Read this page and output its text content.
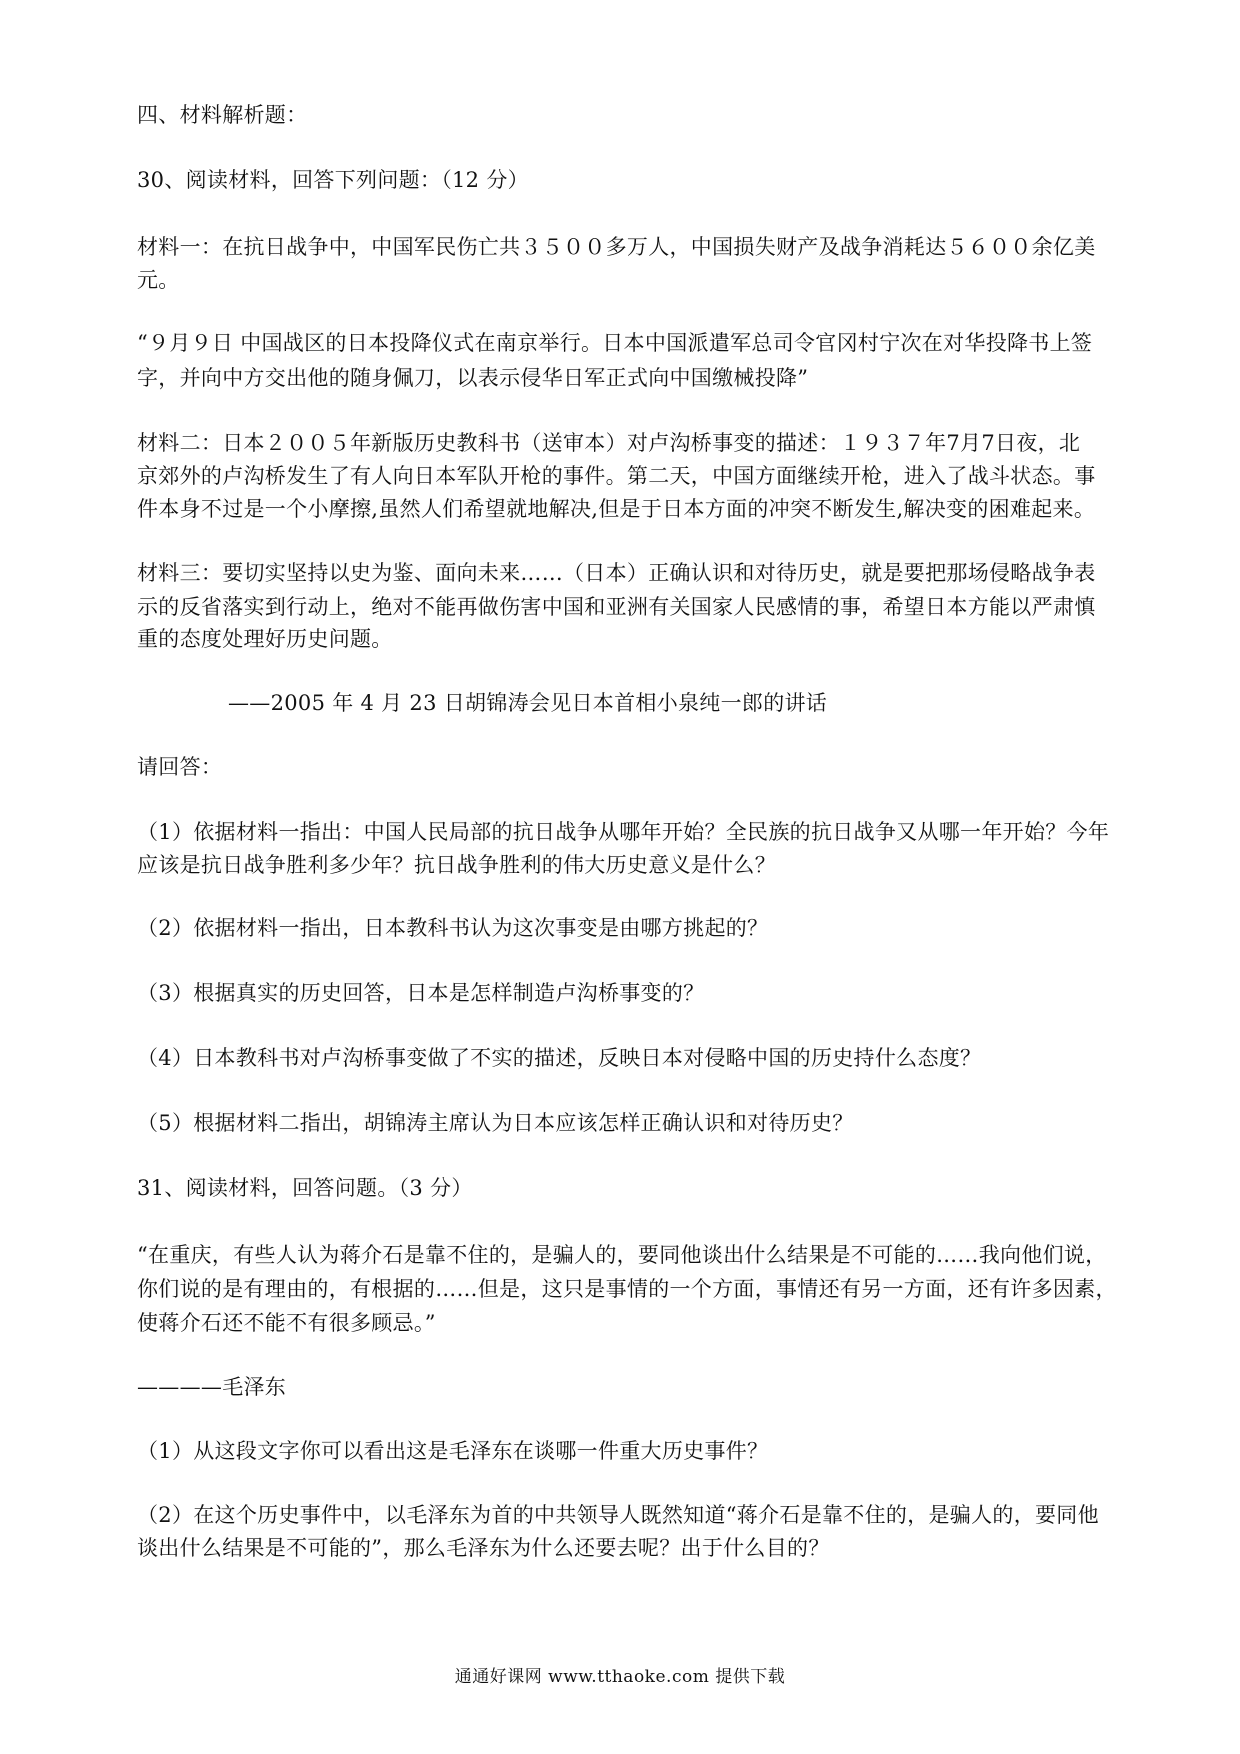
四、材料解析题：
30、阅读材料，回答下列问题：（12 分）
材料一：在抗日战争中，中国军民伤亡共３５００多万人，中国损失财产及战争消耗达５６００余亿美
元。
“９月９日 中国战区的日本投降仪式在南京举行。日本中国派遣军总司令官冈村宁次在对华投降书上签
字，并向中方交出他的随身佩刀，以表示侵华日军正式向中国缴械投降”
材料二：日本２００５年新版历史教科书（送审本）对卢沟桥事变的描述：１９３７年7月7日夜，北
京郊外的卢沟桥发生了有人向日本军队开枪的事件。第二天，中国方面继续开枪，进入了战斗状态。事
件本身不过是一个小摩擦,虽然人们希望就地解决,但是于日本方面的冲突不断发生,解决变的困难起来。
材料三：要切实坚持以史为鉴、面向未来……（日本）正确认识和对待历史，就是要把那场侵略战争表
示的反省落实到行动上，绝对不能再做伤害中国和亚洲有关国家人民感情的事，希望日本方能以严肃慎
重的态度处理好历史问题。
——2005 年 4 月 23 日胡锦涛会见日本首相小泉纯一郎的讲话
请回答：
（1）依据材料一指出：中国人民局部的抗日战争从哪年开始？全民族的抗日战争又从哪一年开始？今年
应该是抗日战争胜利多少年？抗日战争胜利的伟大历史意义是什么？
（2）依据材料一指出，日本教科书认为这次事变是由哪方挑起的？
（3）根据真实的历史回答，日本是怎样制造卢沟桥事变的？
（4）日本教科书对卢沟桥事变做了不实的描述，反映日本对侵略中国的历史持什么态度？
（5）根据材料二指出，胡锦涛主席认为日本应该怎样正确认识和对待历史？
31、阅读材料，回答问题。（3 分）
“在重庆，有些人认为蒋介石是靠不住的，是骗人的，要同他谈出什么结果是不可能的……我向他们说，
你们说的是有理由的，有根据的……但是，这只是事情的一个方面，事情还有另一方面，还有许多因素，
使蒋介石还不能不有很多顾忌。”
————毛泽东
（1）从这段文字你可以看出这是毛泽东在谈哪一件重大历史事件？
（2）在这个历史事件中，以毛泽东为首的中共领导人既然知道“蒋介石是靠不住的，是骗人的，要同他
谈出什么结果是不可能的”，那么毛泽东为什么还要去呢？出于什么目的？
通通好课网 www.tthaoke.com 提供下载
